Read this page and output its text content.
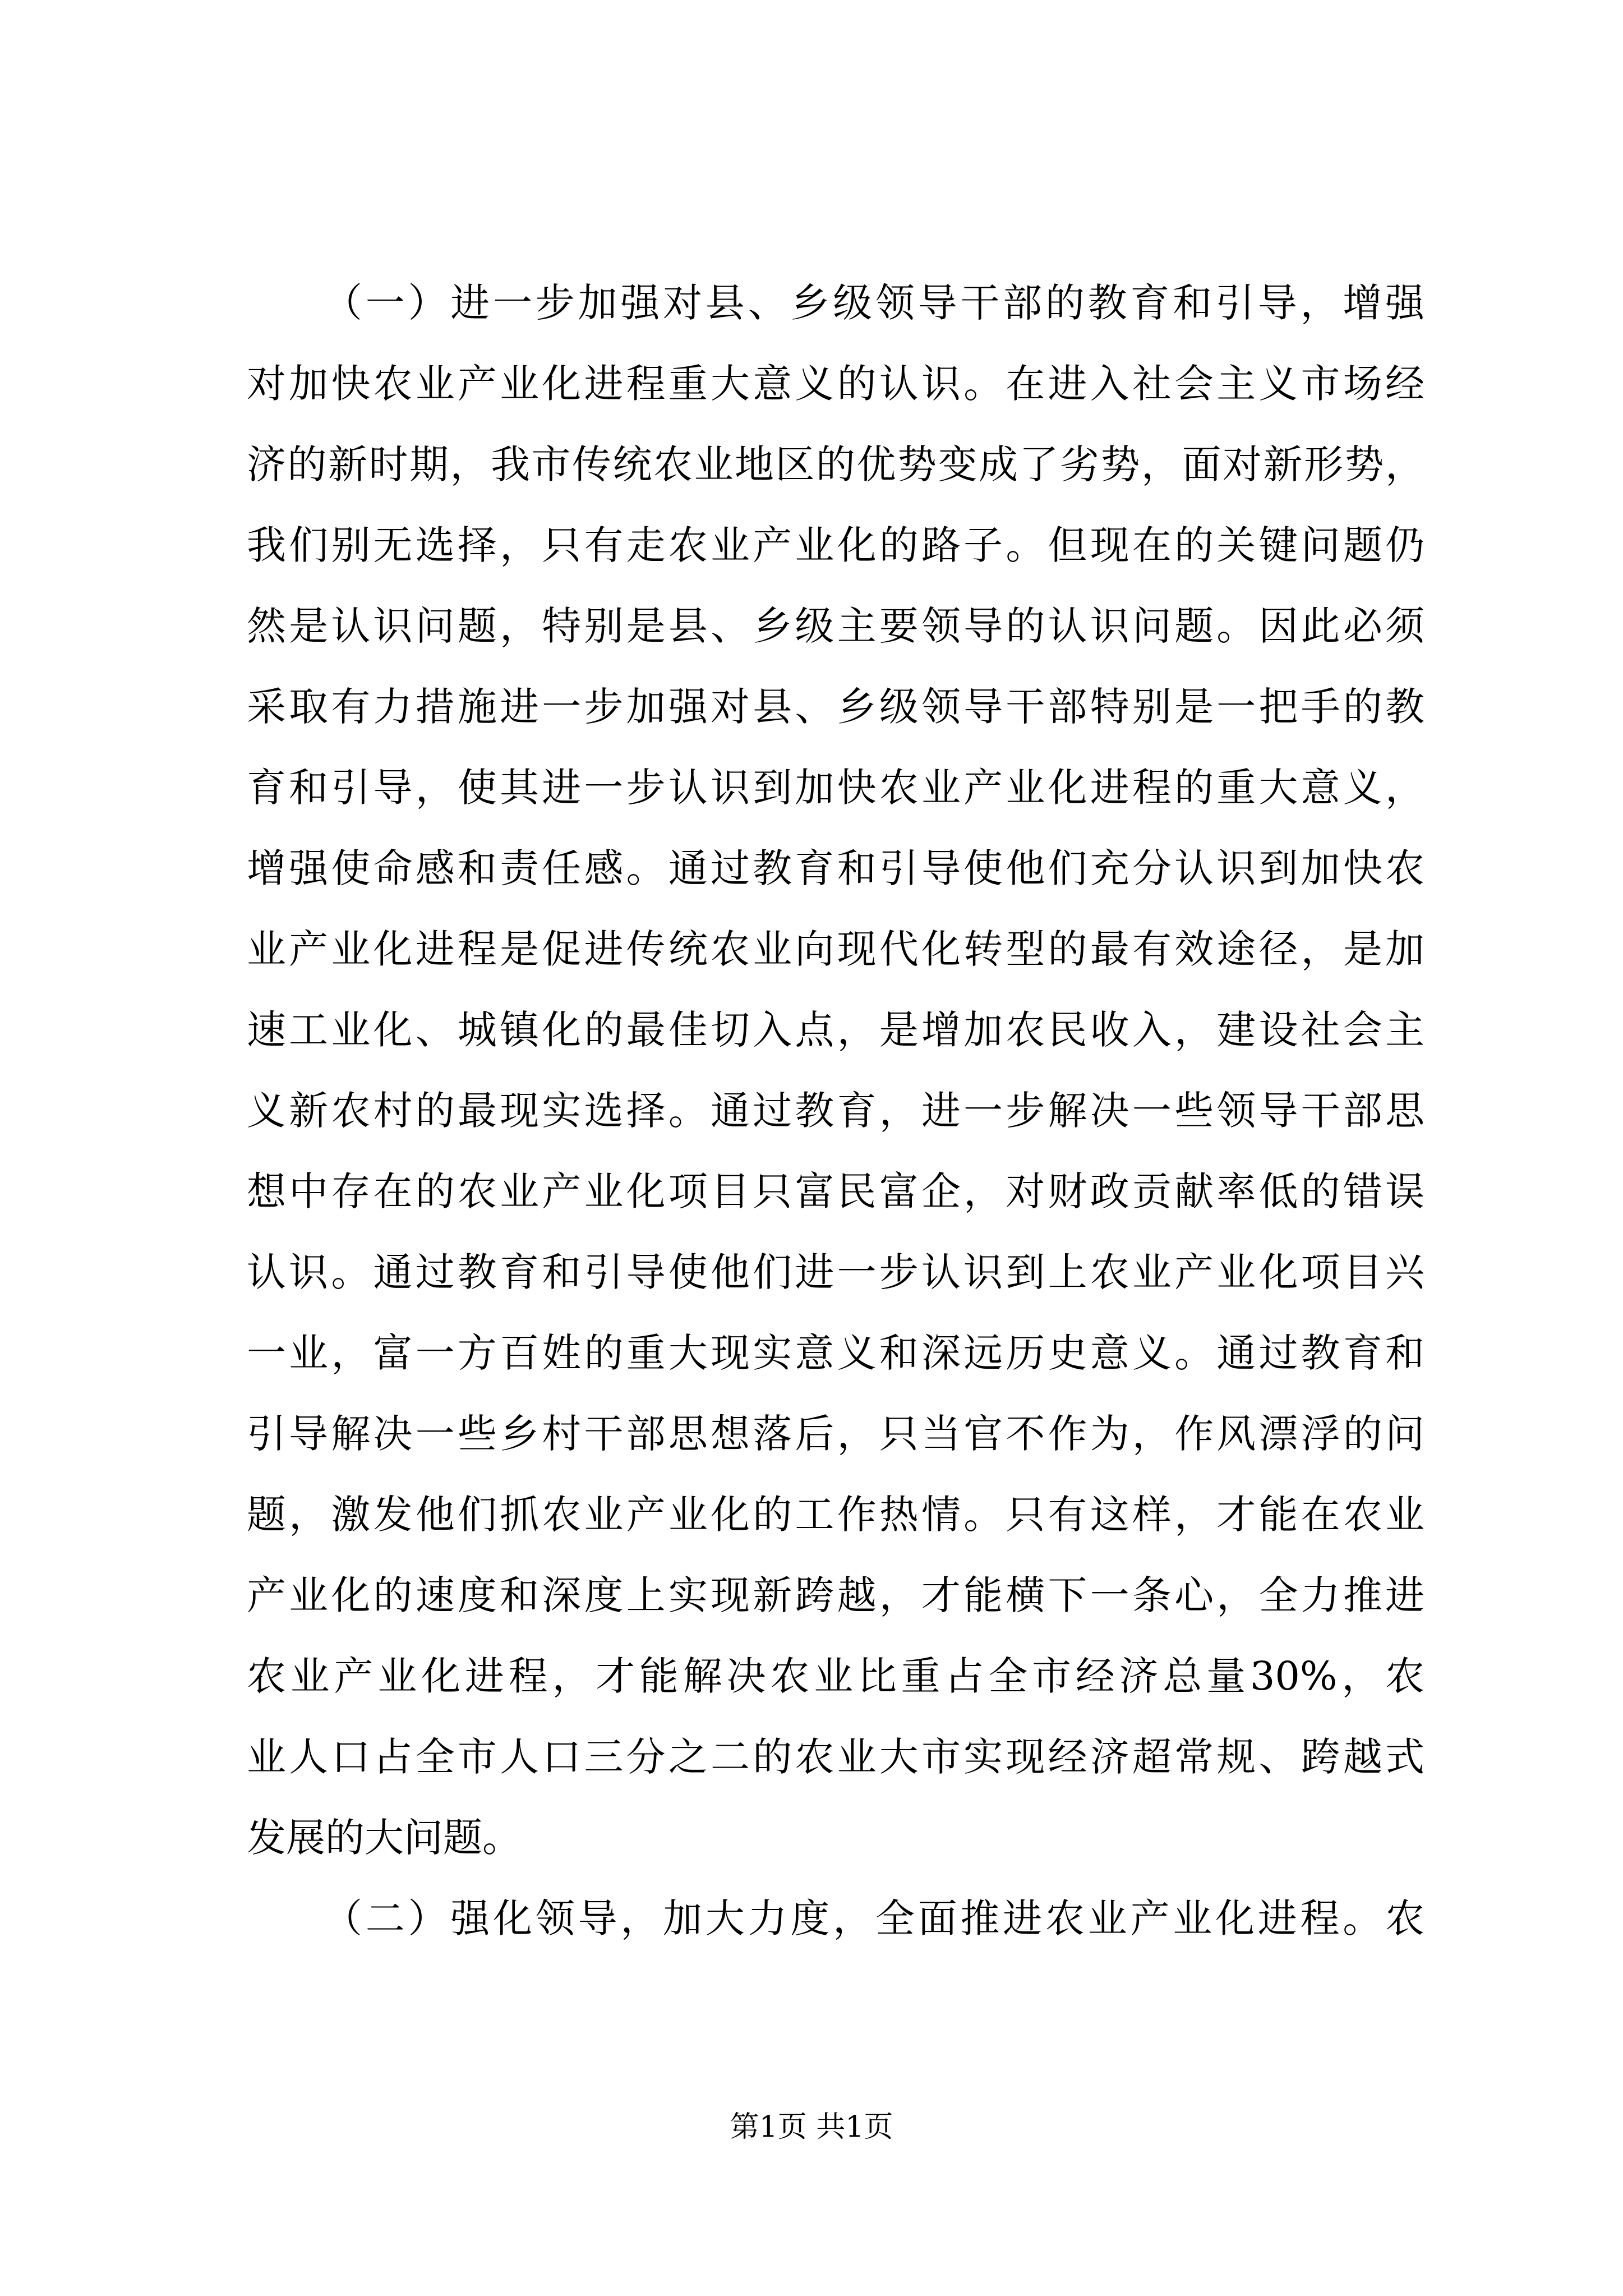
（一）进一步加强对县、乡级领导干部的教育和引导，增强
对加快农业产业化进程重大意义的认识。在进入社会主义市场经
济的新时期，我市传统农业地区的优势变成了劣势，面对新形势，
我们别无选择，只有走农业产业化的路子。但现在的关键问题仍
然是认识问题，特别是县、乡级主要领导的认识问题。因此必须
采取有力措施进一步加强对县、乡级领导干部特别是一把手的教
育和引导，使其进一步认识到加快农业产业化进程的重大意义，
增强使命感和责任感。通过教育和引导使他们充分认识到加快农
业产业化进程是促进传统农业向现代化转型的最有效途径，是加
速工业化、城镇化的最佳切入点，是增加农民收入，建设社会主
义新农村的最现实选择。通过教育，进一步解决一些领导干部思
想中存在的农业产业化项目只富民富企，对财政贡献率低的错误
认识。通过教育和引导使他们进一步认识到上农业产业化项目兴
一业，富一方百姓的重大现实意义和深远历史意义。通过教育和
引导解决一些乡村干部思想落后，只当官不作为，作风漂浮的问
题，激发他们抓农业产业化的工作热情。只有这样，才能在农业
产业化的速度和深度上实现新跨越，才能横下一条心，全力推进
农业产业化进程，才能解决农业比重占全市经济总量30%，农
业人口占全市人口三分之二的农业大市实现经济超常规、跨越式
发展的大问题。
（二）强化领导，加大力度，全面推进农业产业化进程。农
第1页 共1页
